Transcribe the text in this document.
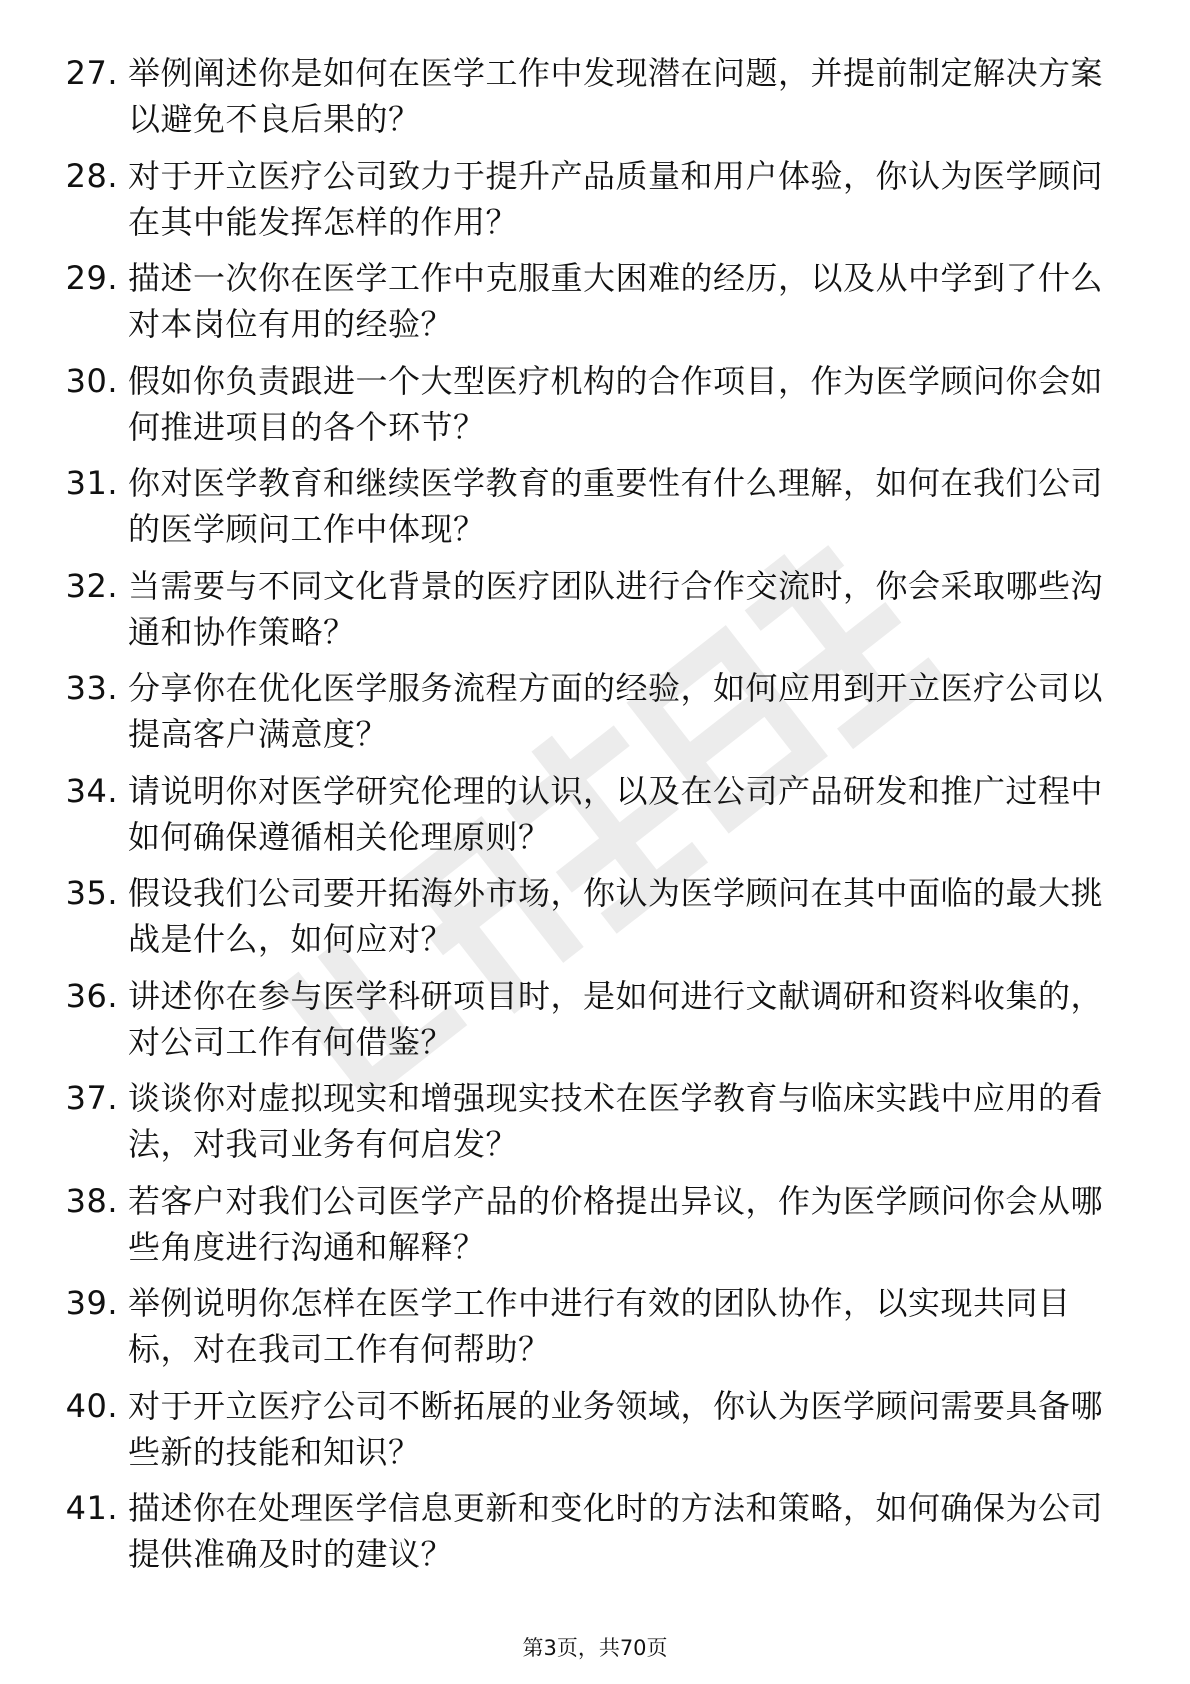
27. 举例阐述你是如何在医学工作中发现潜在问题，并提前制定解决方案以避免不良后果的？
28. 对于开立医疗公司致力于提升产品质量和用户体验，你认为医学顾问在其中能发挥怎样的作用？
29. 描述一次你在医学工作中克服重大困难的经历，以及从中学到了什么对本岗位有用的经验？
30. 假如你负责跟进一个大型医疗机构的合作项目，作为医学顾问你会如何推进项目的各个环节？
31. 你对医学教育和继续医学教育的重要性有什么理解，如何在我们公司的医学顾问工作中体现？
32. 当需要与不同文化背景的医疗团队进行合作交流时，你会采取哪些沟通和协作策略？
33. 分享你在优化医学服务流程方面的经验，如何应用到开立医疗公司以提高客户满意度？
34. 请说明你对医学研究伦理的认识，以及在公司产品研发和推广过程中如何确保遵循相关伦理原则？
35. 假设我们公司要开拓海外市场，你认为医学顾问在其中面临的最大挑战是什么，如何应对？
36. 讲述你在参与医学科研项目时，是如何进行文献调研和资料收集的，对公司工作有何借鉴？
37. 谈谈你对虚拟现实和增强现实技术在医学教育与临床实践中应用的看法，对我司业务有何启发？
38. 若客户对我们公司医学产品的价格提出异议，作为医学顾问你会从哪些角度进行沟通和解释？
39. 举例说明你怎样在医学工作中进行有效的团队协作，以实现共同目标，对在我司工作有何帮助？
40. 对于开立医疗公司不断拓展的业务领域，你认为医学顾问需要具备哪些新的技能和知识？
41. 描述你在处理医学信息更新和变化时的方法和策略，如何确保为公司提供准确及时的建议？
第3页，共70页
